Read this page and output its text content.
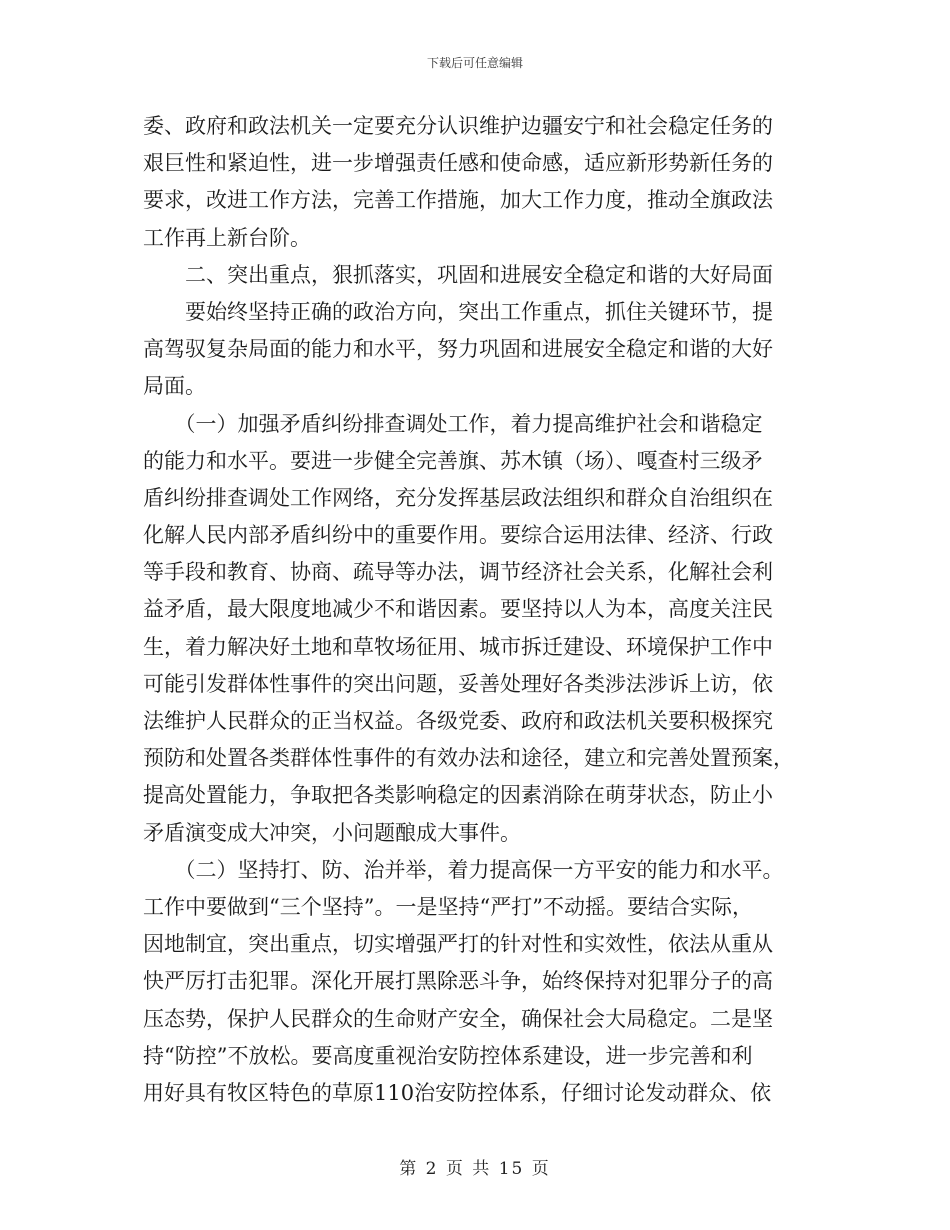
下载后可任意编辑
委、政府和政法机关一定要充分认识维护边疆安宁和社会稳定任务的
艰巨性和紧迫性，进一步增强责任感和使命感，适应新形势新任务的
要求，改进工作方法，完善工作措施，加大工作力度，推动全旗政法
工作再上新台阶。
　　二、突出重点，狠抓落实，巩固和进展安全稳定和谐的大好局面
　　要始终坚持正确的政治方向，突出工作重点，抓住关键环节，提
高驾驭复杂局面的能力和水平，努力巩固和进展安全稳定和谐的大好
局面。
　　（一）加强矛盾纠纷排查调处工作，着力提高维护社会和谐稳定
的能力和水平。要进一步健全完善旗、苏木镇（场）、嘎查村三级矛
盾纠纷排查调处工作网络，充分发挥基层政法组织和群众自治组织在
化解人民内部矛盾纠纷中的重要作用。要综合运用法律、经济、行政
等手段和教育、协商、疏导等办法，调节经济社会关系，化解社会利
益矛盾，最大限度地减少不和谐因素。要坚持以人为本，高度关注民
生，着力解决好土地和草牧场征用、城市拆迁建设、环境保护工作中
可能引发群体性事件的突出问题，妥善处理好各类涉法涉诉上访，依
法维护人民群众的正当权益。各级党委、政府和政法机关要积极探究
预防和处置各类群体性事件的有效办法和途径，建立和完善处置预案，
提高处置能力，争取把各类影响稳定的因素消除在萌芽状态，防止小
矛盾演变成大冲突，小问题酿成大事件。
　　（二）坚持打、防、治并举，着力提高保一方平安的能力和水平。
工作中要做到“三个坚持”。一是坚持“严打”不动摇。要结合实际，
因地制宜，突出重点，切实增强严打的针对性和实效性，依法从重从
快严厉打击犯罪。深化开展打黑除恶斗争，始终保持对犯罪分子的高
压态势，保护人民群众的生命财产安全，确保社会大局稳定。二是坚
持“防控”不放松。要高度重视治安防控体系建设，进一步完善和利
用好具有牧区特色的草原110治安防控体系，仔细讨论发动群众、依
第 2 页 共 15 页
